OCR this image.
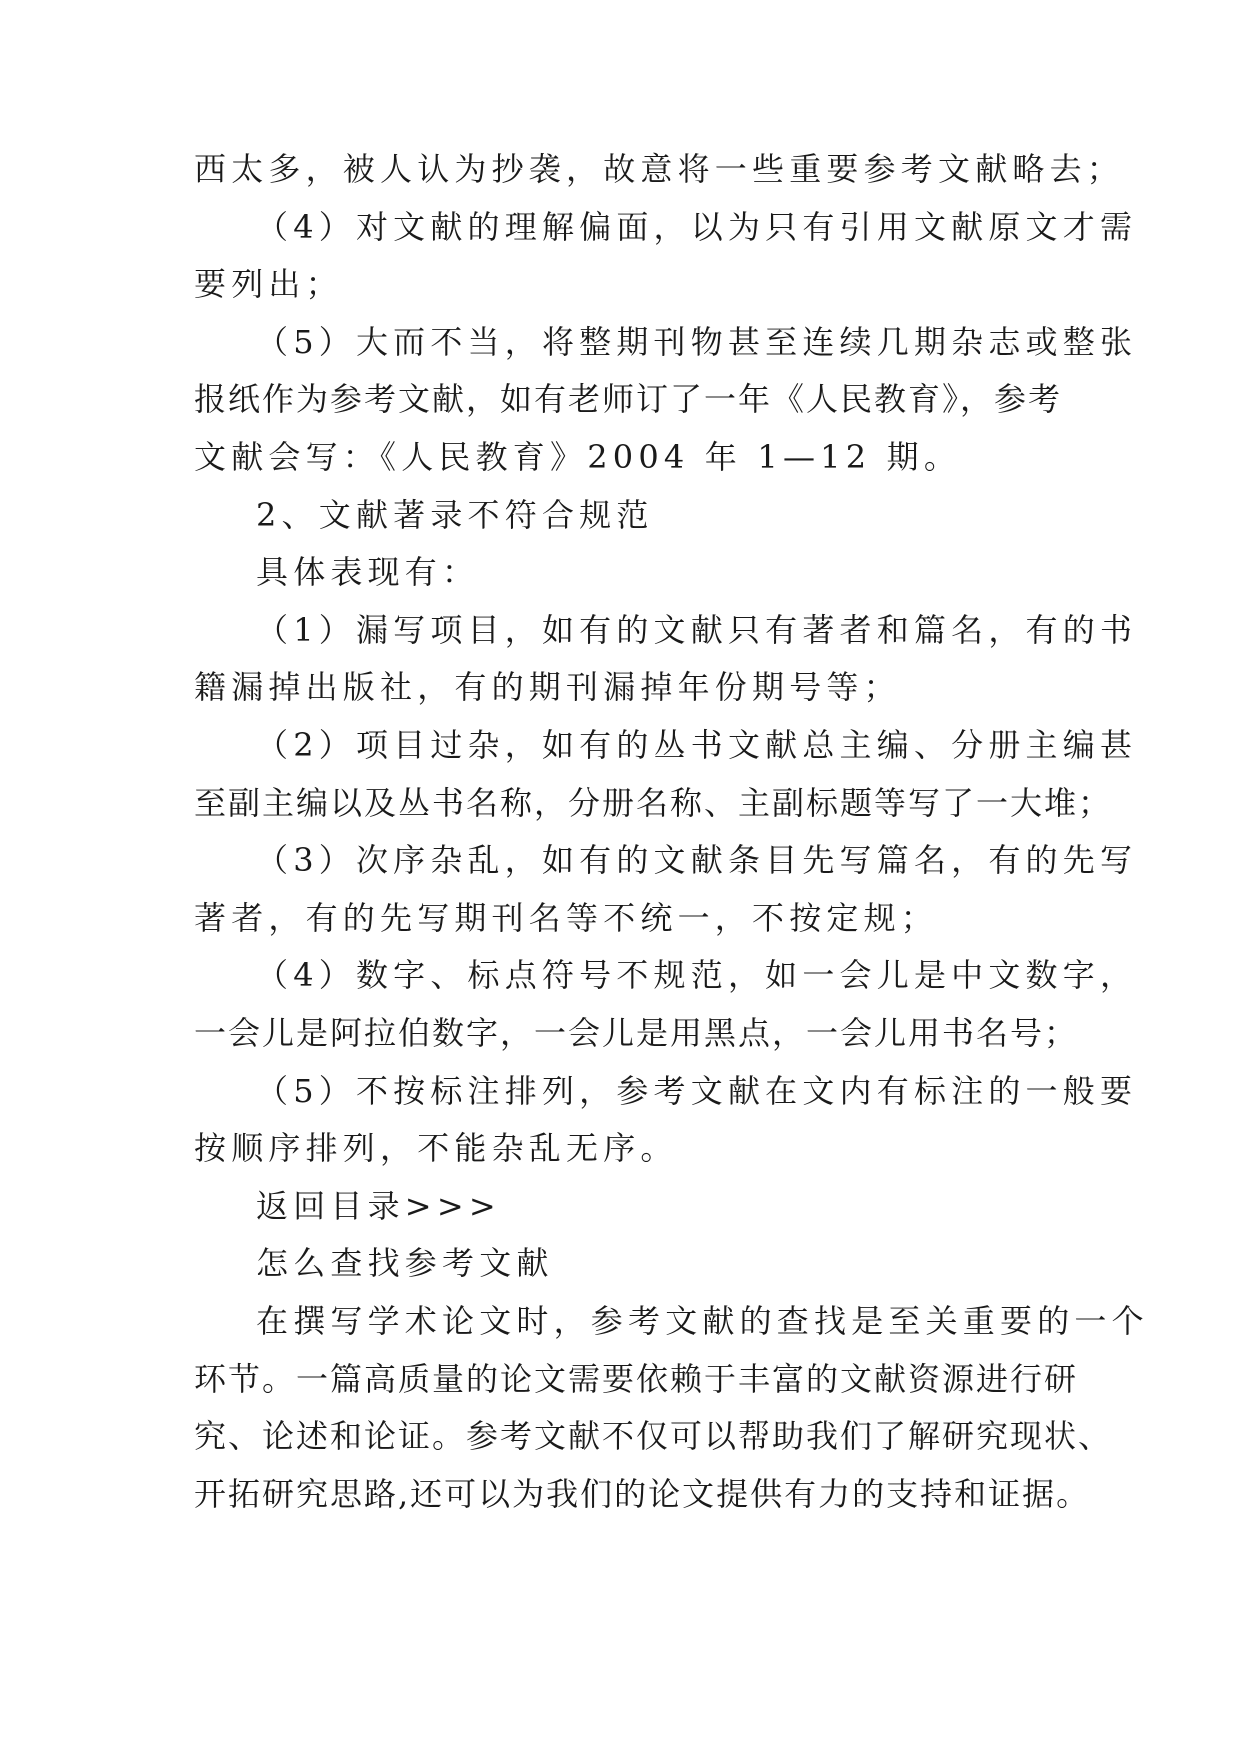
西太多，被人认为抄袭，故意将一些重要参考文献略去；
（4）对文献的理解偏面，以为只有引用文献原文才需
要列出；
（5）大而不当，将整期刊物甚至连续几期杂志或整张
报纸作为参考文献，如有老师订了一年《人民教育》，参考
文献会写：《人民教育》2004 年 1—12 期。
2、文献著录不符合规范
具体表现有：
（1）漏写项目，如有的文献只有著者和篇名，有的书
籍漏掉出版社，有的期刊漏掉年份期号等；
（2）项目过杂，如有的丛书文献总主编、分册主编甚
至副主编以及丛书名称，分册名称、主副标题等写了一大堆；
（3）次序杂乱，如有的文献条目先写篇名，有的先写
著者，有的先写期刊名等不统一，不按定规；
（4）数字、标点符号不规范，如一会儿是中文数字，
一会儿是阿拉伯数字，一会儿是用黑点，一会儿用书名号；
（5）不按标注排列，参考文献在文内有标注的一般要
按顺序排列，不能杂乱无序。
返回目录>>>
怎么查找参考文献
在撰写学术论文时，参考文献的查找是至关重要的一个
环节。一篇高质量的论文需要依赖于丰富的文献资源进行研
究、论述和论证。参考文献不仅可以帮助我们了解研究现状、
开拓研究思路,还可以为我们的论文提供有力的支持和证据。
